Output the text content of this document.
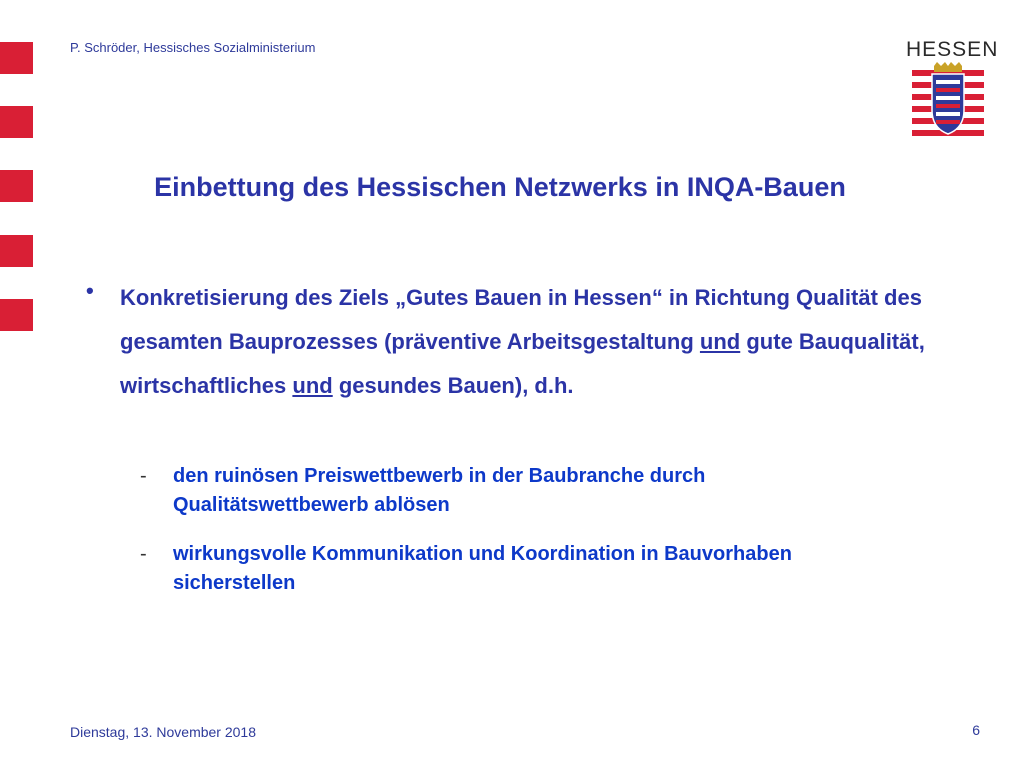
P. Schröder, Hessisches Sozialministerium	HESSEN
Einbettung des Hessischen Netzwerks in INQA-Bauen
• Konkretisierung des Ziels „Gutes Bauen in Hessen“ in Richtung Qualität des gesamten Bauprozesses (präventive Arbeitsgestaltung und gute Bauqualität, wirtschaftliches und gesundes Bauen), d.h.

- den ruinösen Preiswettbewerb in der Baubranche durch Qualitätswettbewerb ablösen
- wirkungsvolle Kommunikation und Koordination in Bauvorhaben sicherstellen
Dienstag, 13. November 2018	6
